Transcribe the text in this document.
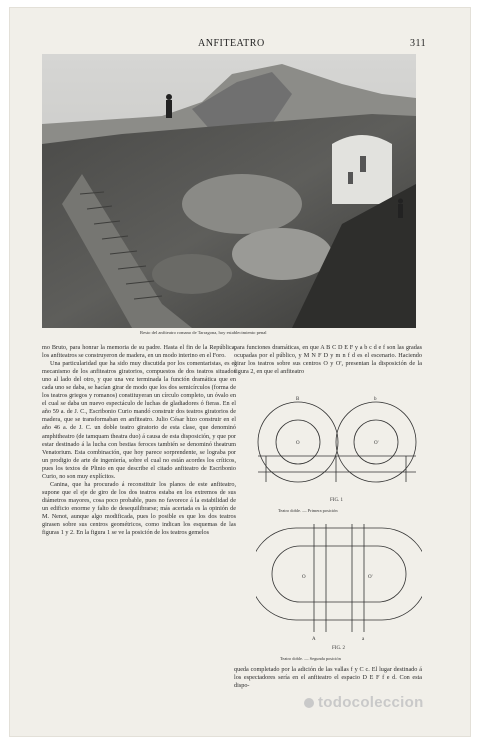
ANFITEATRO	311
Resto del anfiteatro romano de Tarragona, hoy establecimiento penal

mo Bruto, para honrar la memoria de su padre. Hasta el fin de la República, los anfiteatros se construyeron de madera, en un modo interino en el Foro.

Una particularidad que ha sido muy discutida por los comentaristas, es el mecanismo de los anfiteatros giratorios, compuestos de dos teatros situados uno al lado del otro, y que una vez terminada la función dramática que en cada uno se daba, se hacían girar de modo que los dos semicírculos (forma de los teatros griegos y romanos) constituyeran un círculo completo, un óvalo en el cual se daba un nuevo espectáculo de luchas de gladiadores ó fieras. En el año 59 a. de J. C., Escribonio Curio mandó construir dos teatros giratorios de madera, que se transformaban en anfiteatro. Julio César hizo construir en el año 46 a. de J. C. un doble teatro giratorio de esta clase, que denominó amphitheatro (de tamquam theatra duo) á causa de esta disposición, y que por estar destinado á la lucha con bestias feroces también se denominó theatrum Venatorium. Esta combinación, que hoy parece sorprendente, se lograba por un prodigio de arte de ingeniería, sobre el cual no están acordes los críticos, pues los textos de Plinio en que describe el citado anfiteatro de Escribonio Curio, no son muy explícitos.

Canina, que ha procurado á reconstituir los planos de este anfiteatro, supone que el eje de giro de los dos teatros estaba en los extremos de sus diámetros mayores, cosa poco probable, pues no favorece á la estabilidad de un edificio enorme y falto de desequilibrarse; más acertada es la opinión de M. Nenot, aunque algo modificada, pues lo posible es que los dos teatros girasen sobre sus centros geométricos, como indican los esquemas de las figuras 1 y 2. En la figura 1 se ve la posición de los teatros gemelos

para funciones dramáticas, en que A B C D E F y a b c d e f son las gradas ocupadas por el público, y M N F D y m n f d es el escenario. Haciendo girar los teatros sobre sus centros O y O', presentan la disposición de la figura 2, en que el anfiteatro

B	b
O	O'
FIG. 1
Teatro doble. — Primera posición
O	O'
A	a
FIG. 2
Teatro doble. — Segunda posición

queda completado por la adición de las vallas f y C c. El lugar destinado á los espectadores sería en el anfiteatro el espacio D E F f e d. Con esta dispo-

todocoleccion
